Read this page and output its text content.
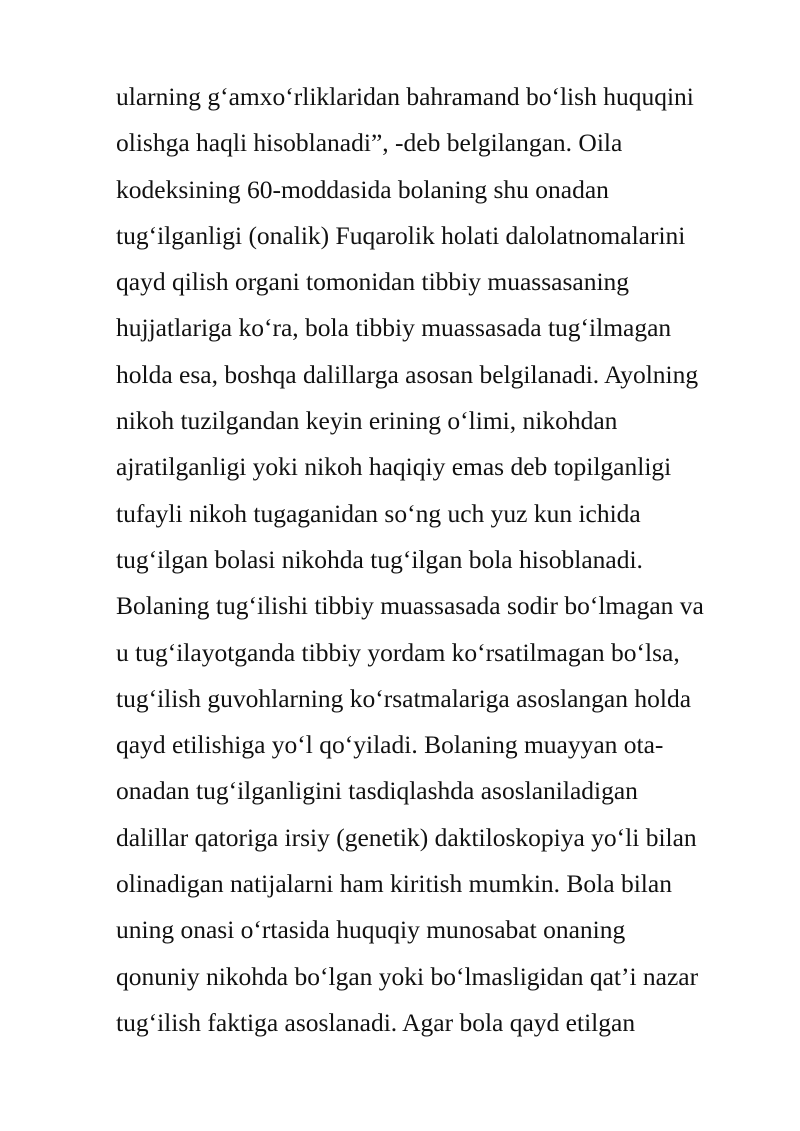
ularning g‘amxo‘rliklaridan bahramand bo‘lish huquqini
olishga haqli hisoblanadi”, -deb belgilangan. Oila
kodeksining 60-moddasida bolaning shu onadan
tug‘ilganligi (onalik) Fuqarolik holati dalolatnomalarini
qayd qilish organi tomonidan tibbiy muassasaning
hujjatlariga ko‘ra, bola tibbiy muassasada tug‘ilmagan
holda esa, boshqa dalillarga asosan belgilanadi. Ayolning
nikoh tuzilgandan keyin erining o‘limi, nikohdan
ajratilganligi yoki nikoh haqiqiy emas deb topilganligi
tufayli nikoh tugaganidan so‘ng uch yuz kun ichida
tug‘ilgan bolasi nikohda tug‘ilgan bola hisoblanadi.
Bolaning tug‘ilishi tibbiy muassasada sodir bo‘lmagan va
u tug‘ilayotganda tibbiy yordam ko‘rsatilmagan bo‘lsa,
tug‘ilish guvohlarning ko‘rsatmalariga asoslangan holda
qayd etilishiga yo‘l qo‘yiladi. Bolaning muayyan ota-
onadan tug‘ilganligini tasdiqlashda asoslaniladigan
dalillar qatoriga irsiy (genetik) daktiloskopiya yo‘li bilan
olinadigan natijalarni ham kiritish mumkin. Bola bilan
uning onasi o‘rtasida huquqiy munosabat onaning
qonuniy nikohda bo‘lgan yoki bo‘lmasligidan qat’i nazar
tug‘ilish faktiga asoslanadi. Agar bola qayd etilgan
